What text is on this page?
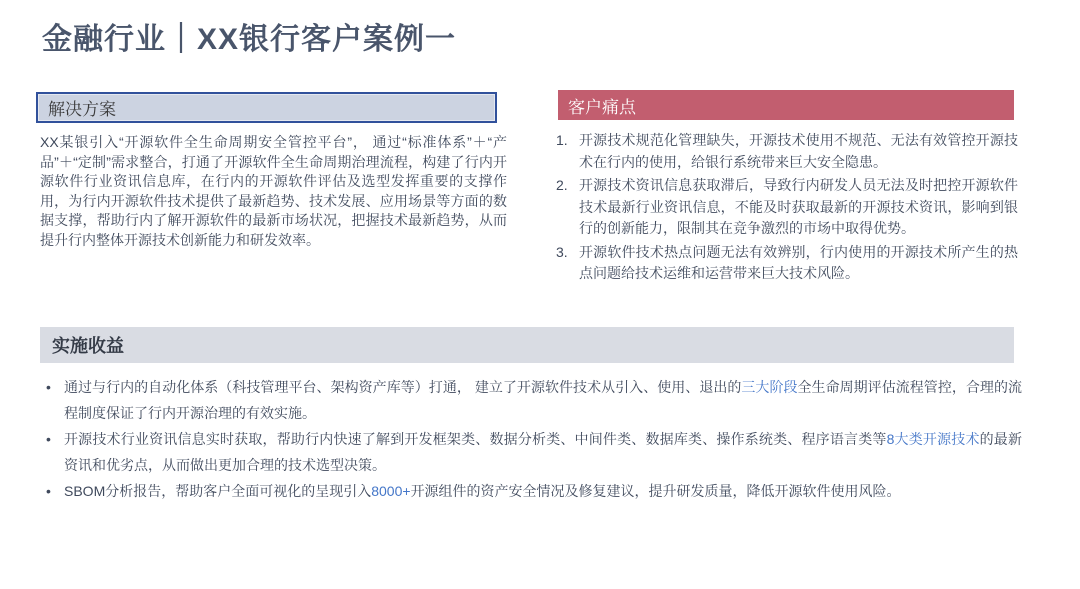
金融行业｜XX银行客户案例一
解决方案

XX某银引入“开源软件全生命周期安全管控平台”， 通过“标准体系”＋“产品”＋“定制”需求整合，打通了开源软件全生命周期治理流程，构建了行内开源软件行业资讯信息库，在行内的开源软件评估及选型发挥重要的支撑作用，为行内开源软件技术提供了最新趋势、技术发展、应用场景等方面的数据支撑，帮助行内了解开源软件的最新市场状况，把握技术最新趋势，从而提升行内整体开源技术创新能力和研发效率。

客户痛点
1. 开源技术规范化管理缺失，开源技术使用不规范、无法有效管控开源技术在行内的使用，给银行系统带来巨大安全隐患。
2. 开源技术资讯信息获取滞后，导致行内研发人员无法及时把控开源软件技术最新行业资讯信息，不能及时获取最新的开源技术资讯，影响到银行的创新能力，限制其在竞争激烈的市场中取得优势。
3. 开源软件技术热点问题无法有效辨别，行内使用的开源技术所产生的热点问题给技术运维和运营带来巨大技术风险。
实施收益
• 通过与行内的自动化体系（科技管理平台、架构资产库等）打通， 建立了开源软件技术从引入、使用、退出的三大阶段全生命周期评估流程管控，合理的流程制度保证了行内开源治理的有效实施。
• 开源技术行业资讯信息实时获取，帮助行内快速了解到开发框架类、数据分析类、中间件类、数据库类、操作系统类、程序语言类等8大类开源技术的最新资讯和优劣点，从而做出更加合理的技术选型决策。
• SBOM分析报告，帮助客户全面可视化的呈现引入8000+开源组件的资产安全情况及修复建议，提升研发质量，降低开源软件使用风险。
